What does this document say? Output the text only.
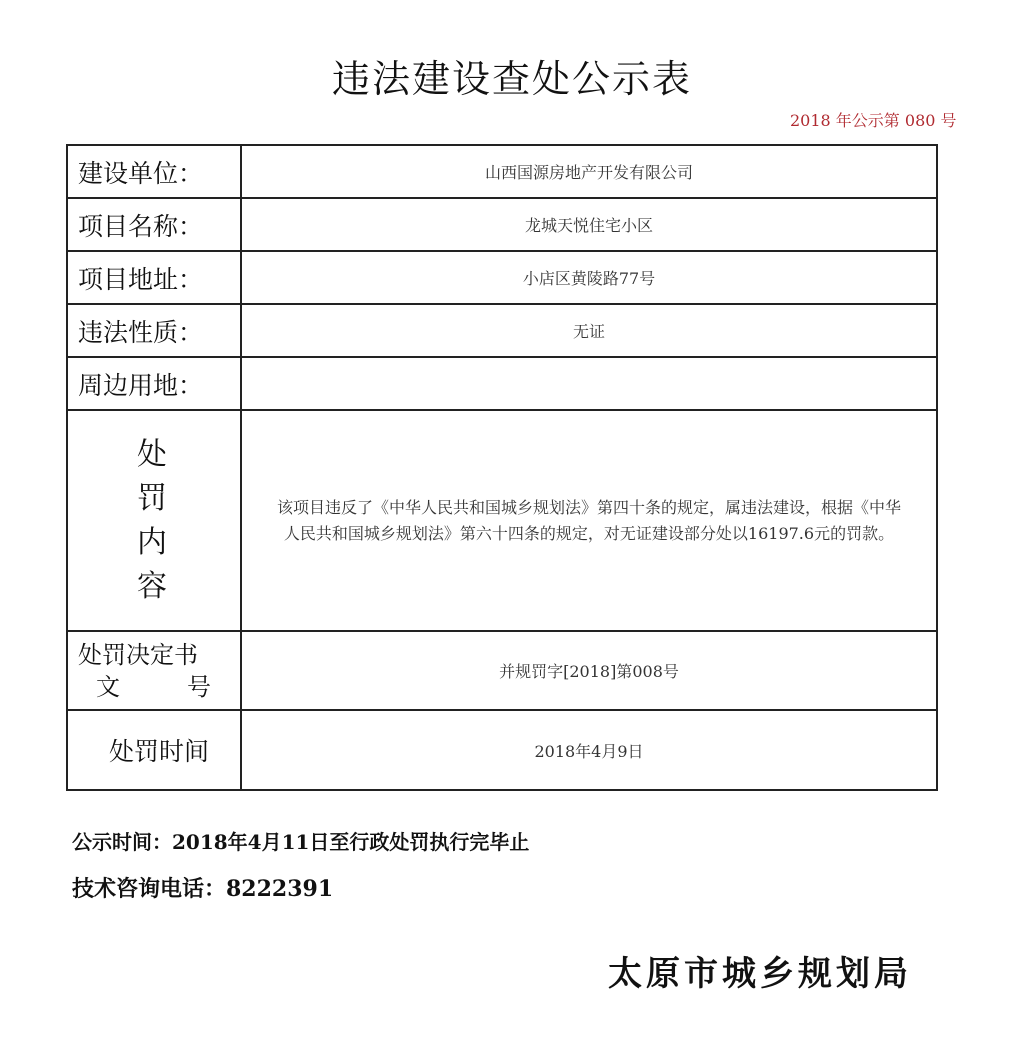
违法建设查处公示表
2018 年公示第 080 号
建设单位：	山西国源房地产开发有限公司
项目名称：	龙城天悦住宅小区
项目地址：	小店区黄陵路77号
违法性质：	无证
周边用地：	

处
罚
内
容	该项目违反了《中华人民共和国城乡规划法》第四十条的规定，属违法建设，根据《中华人民共和国城乡规划法》第六十四条的规定，对无证建设部分处以16197.6元的罚款。

处罚决定书
文 号	并规罚字[2018]第008号
处罚时间	2018年4月9日
公示时间：2018年4月11日至行政处罚执行完毕止
技术咨询电话：8222391
太原市城乡规划局
